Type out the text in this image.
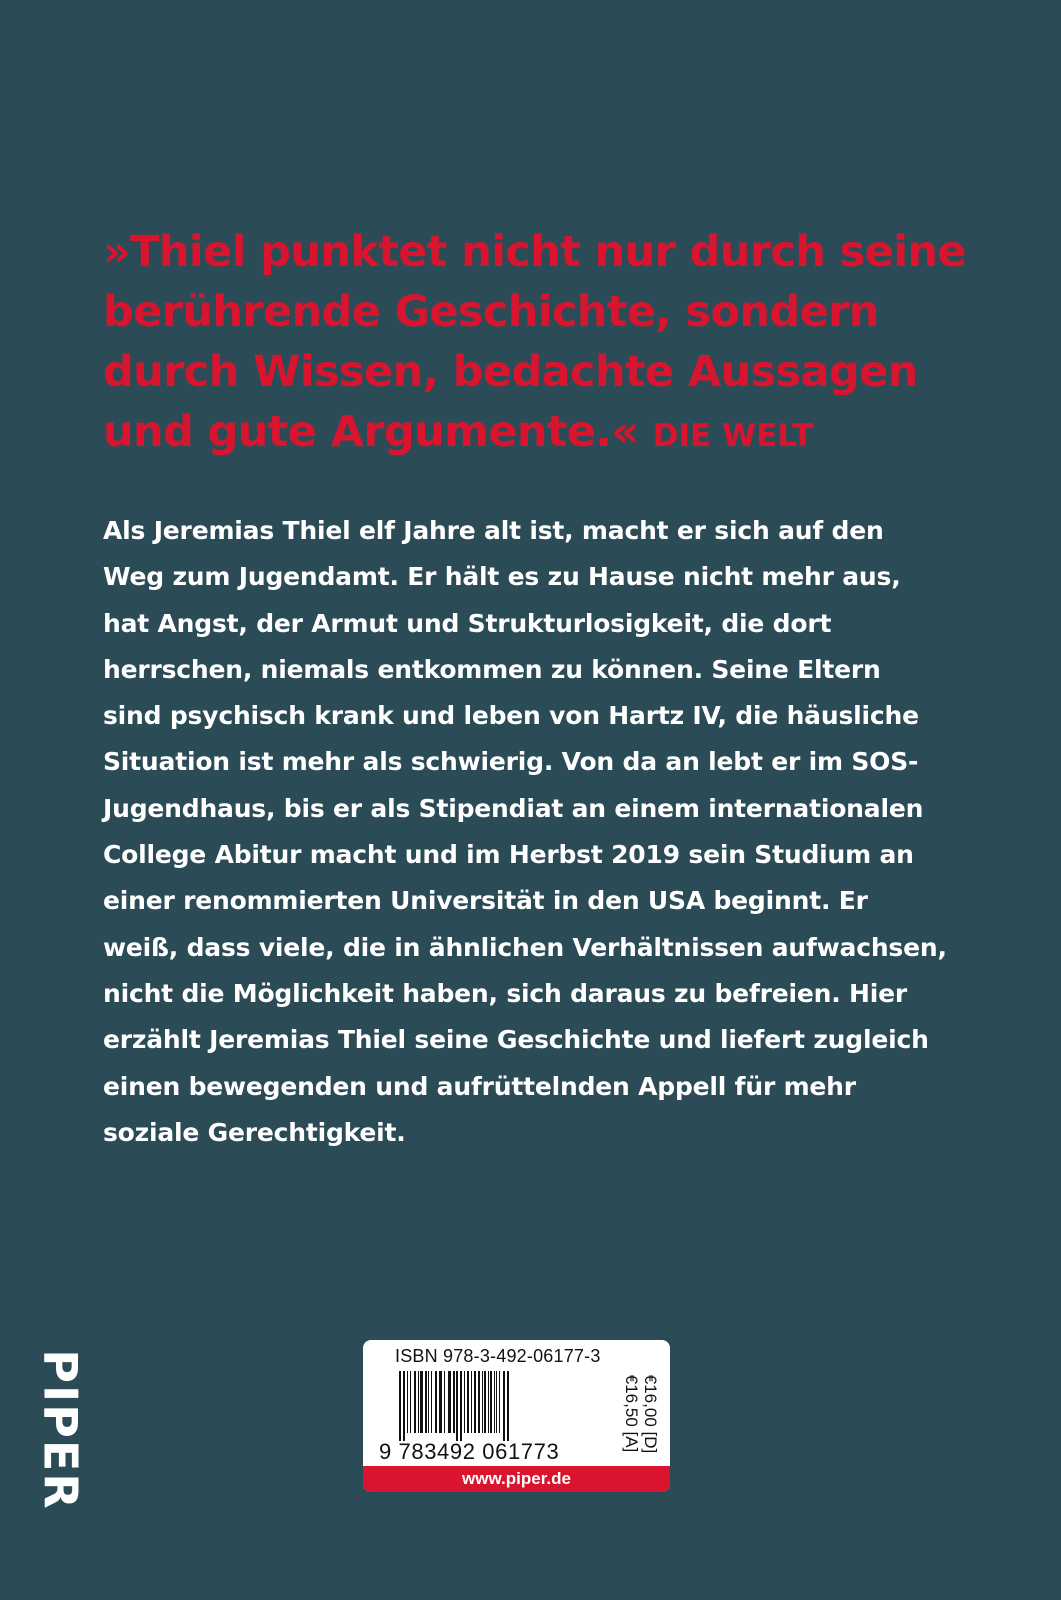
»Thiel punktet nicht nur durch seine
berührende Geschichte, sondern
durch Wissen, bedachte Aussagen
und gute Argumente.« DIE WELT
Als Jeremias Thiel elf Jahre alt ist, macht er sich auf den
Weg zum Jugendamt. Er hält es zu Hause nicht mehr aus,
hat Angst, der Armut und Strukturlosigkeit, die dort
herrschen, niemals entkommen zu können. Seine Eltern
sind psychisch krank und leben von Hartz IV, die häusliche
Situation ist mehr als schwierig. Von da an lebt er im SOS-
Jugendhaus, bis er als Stipendiat an einem internationalen
College Abitur macht und im Herbst 2019 sein Studium an
einer renommierten Universität in den USA beginnt. Er
weiß, dass viele, die in ähnlichen Verhältnissen aufwachsen,
nicht die Möglichkeit haben, sich daraus zu befreien. Hier
erzählt Jeremias Thiel seine Geschichte und liefert zugleich
einen bewegenden und aufrüttelnden Appell für mehr
soziale Gerechtigkeit.
PIPER	ISBN 978-3-492-06177-3
9 783492 061773	€16,00 [D]
€16,50 [A]
www.piper.de
